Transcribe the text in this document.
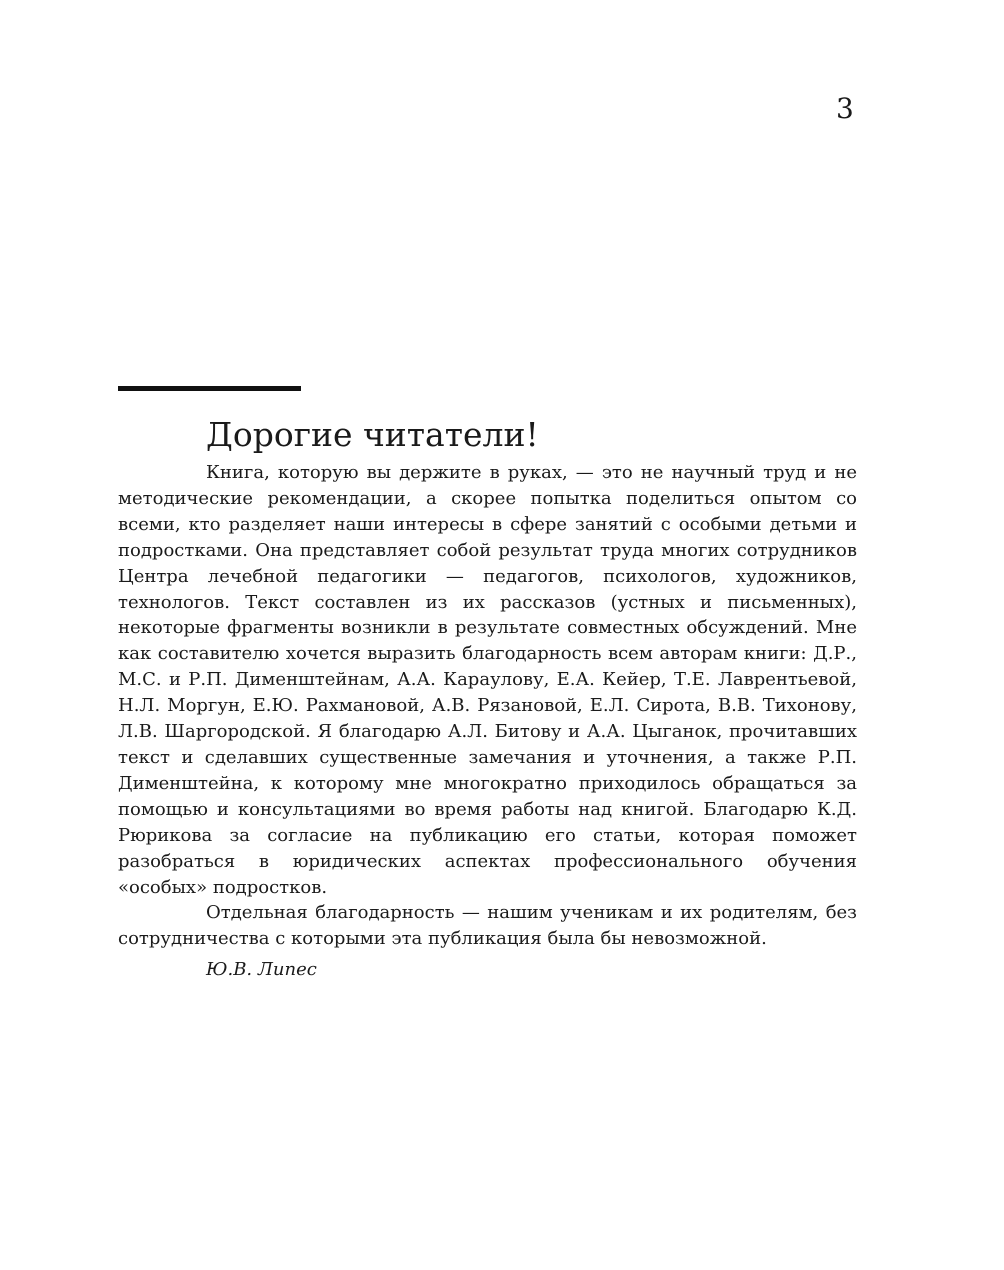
3
Дорогие читатели!

Книга, которую вы держите в руках, — это не научный труд и не методические рекомендации, а скорее попытка поделиться опытом со всеми, кто разделяет наши интересы в сфере занятий с особыми детьми и подростками. Она представляет собой результат труда многих сотрудников Центра лечебной педагогики — педагогов, психологов, художников, технологов. Текст составлен из их рассказов (устных и письменных), некоторые фрагменты возникли в результате совместных обсуждений. Мне как составителю хочется выразить благодарность всем авторам книги: Д.Р., М.С. и Р.П. Дименштейнам, А.А. Караулову, Е.А. Кейер, Т.Е. Лаврентьевой, Н.Л. Моргун, Е.Ю. Рахмановой, А.В. Рязановой, Е.Л. Сирота, В.В. Тихонову, Л.В. Шаргородской. Я благодарю А.Л. Битову и А.А. Цыганок, прочитавших текст и сделавших существенные замечания и уточнения, а также Р.П. Дименштейна, к которому мне многократно приходилось обращаться за помощью и консультациями во время работы над книгой. Благодарю К.Д. Рюрикова за согласие на публикацию его статьи, которая поможет разобраться в юридических аспектах профессионального обучения «особых» подростков.

Отдельная благодарность — нашим ученикам и их родителям, без сотрудничества с которыми эта публикация была бы невозможной.

Ю.В. Липес
